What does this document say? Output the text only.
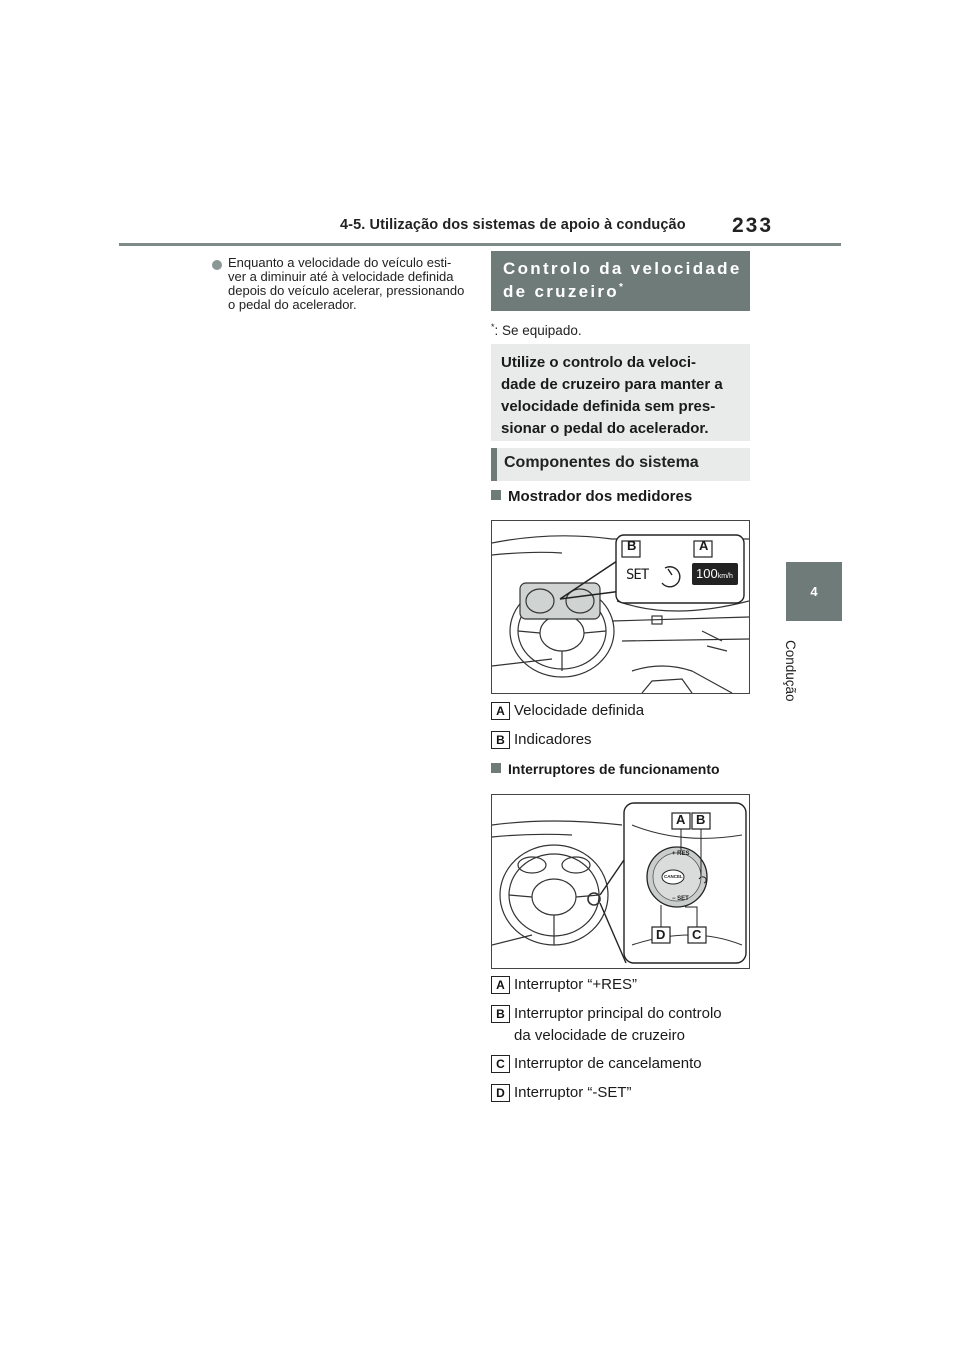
4-5. Utilização dos sistemas de apoio à condução 233
4
Condução
Enquanto a velocidade do veículo esti-
ver a diminuir até à velocidade definida
depois do veículo acelerar, pressionando
o pedal do acelerador.
Controlo da velocidade
de cruzeiro*
*: Se equipado.
Utilize o controlo da veloci-
dade de cruzeiro para manter a
velocidade definida sem pres-
sionar o pedal do acelerador.
Componentes do sistema
Mostrador dos medidores
B	A
SET	100km/h
A Velocidade definida
B Indicadores
Interruptores de funcionamento
A B
C
D
+ RES
CANCEL
− SET
A Interruptor “+RES”
B Interruptor principal do controlo
da velocidade de cruzeiro
C Interruptor de cancelamento
D Interruptor “-SET”
